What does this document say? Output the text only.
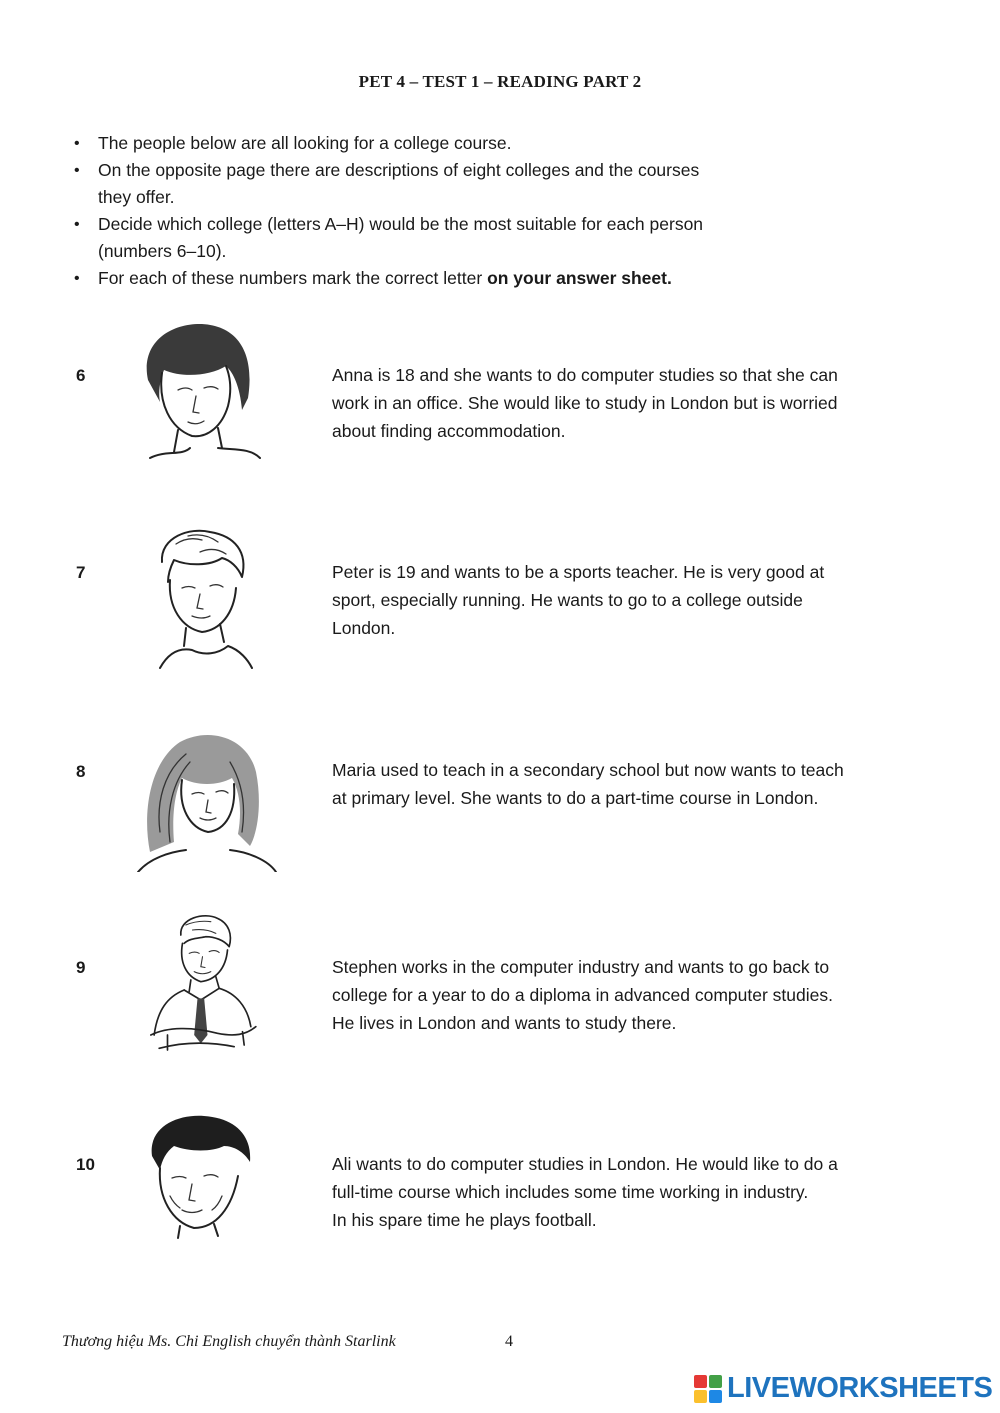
PET 4 – TEST 1 – READING PART 2
• The people below are all looking for a college course.
• On the opposite page there are descriptions of eight colleges and the courses
they offer.
• Decide which college (letters A–H) would be the most suitable for each person
(numbers 6–10).
• For each of these numbers mark the correct letter on your answer sheet.
6	Anna is 18 and she wants to do computer studies so that she can
work in an office. She would like to study in London but is worried
about finding accommodation.
7	Peter is 19 and wants to be a sports teacher. He is very good at
sport, especially running. He wants to go to a college outside
London.
8	Maria used to teach in a secondary school but now wants to teach
at primary level. She wants to do a part-time course in London.
9	Stephen works in the computer industry and wants to go back to
college for a year to do a diploma in advanced computer studies.
He lives in London and wants to study there.
10	Ali wants to do computer studies in London. He would like to do a
full-time course which includes some time working in industry.
In his spare time he plays football.
Thương hiệu Ms. Chi English chuyển thành Starlink	4
LIVEWORKSHEETS
